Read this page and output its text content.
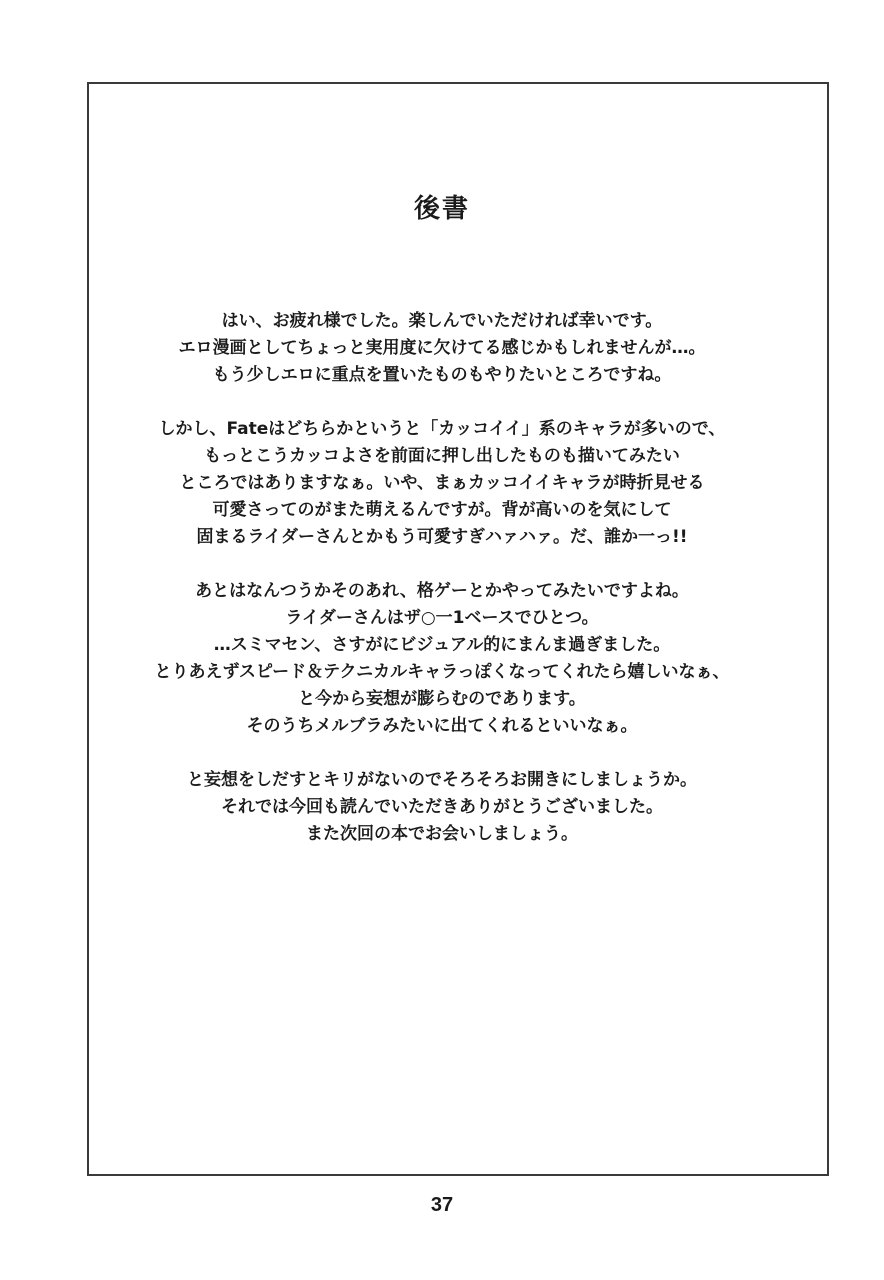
後書
はい、お疲れ様でした。楽しんでいただければ幸いです。
エロ漫画としてちょっと実用度に欠けてる感じかもしれませんが…。
もう少しエロに重点を置いたものもやりたいところですね。
しかし、Fateはどちらかというと「カッコイイ」系のキャラが多いので、
もっとこうカッコよさを前面に押し出したものも描いてみたい
ところではありますなぁ。いや、まぁカッコイイキャラが時折見せる
可愛さってのがまた萌えるんですが。背が高いのを気にして
固まるライダーさんとかもう可愛すぎハァハァ。だ、誰か一っ!!
あとはなんつうかそのあれ、格ゲーとかやってみたいですよね。
ライダーさんはザ○一1ベースでひとつ。
…スミマセン、さすがにビジュアル的にまんま過ぎました。
とりあえずスピード＆テクニカルキャラっぽくなってくれたら嬉しいなぁ、
と今から妄想が膨らむのであります。
そのうちメルブラみたいに出てくれるといいなぁ。
と妄想をしだすとキリがないのでそろそろお開きにしましょうか。
それでは今回も読んでいただきありがとうございました。
また次回の本でお会いしましょう。
37
